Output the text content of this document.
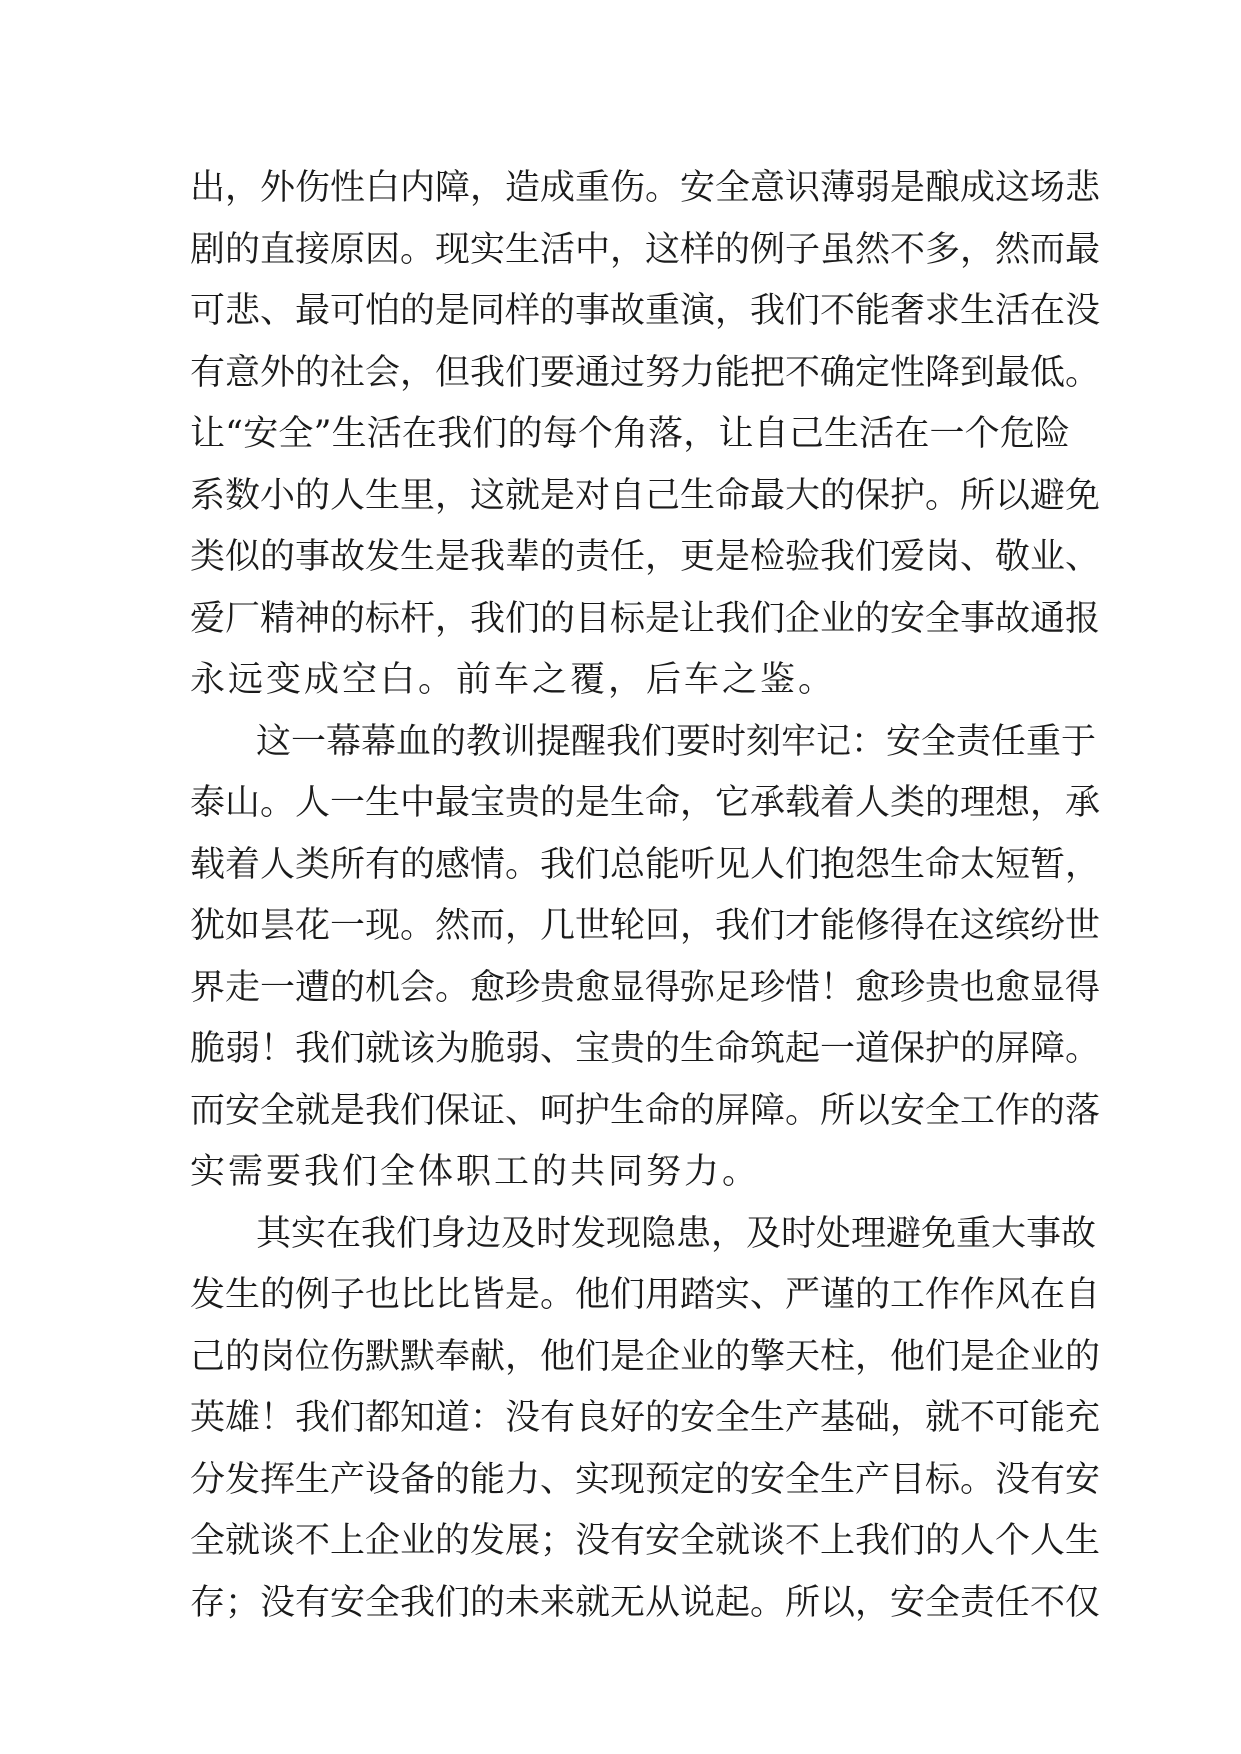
出，外伤性白内障，造成重伤。安全意识薄弱是酿成这场悲
剧的直接原因。现实生活中，这样的例子虽然不多，然而最
可悲、最可怕的是同样的事故重演，我们不能奢求生活在没
有意外的社会，但我们要通过努力能把不确定性降到最低。
让“安全”生活在我们的每个角落，让自己生活在一个危险
系数小的人生里，这就是对自己生命最大的保护。所以避免
类似的事故发生是我辈的责任，更是检验我们爱岗、敬业、
爱厂精神的标杆，我们的目标是让我们企业的安全事故通报
永远变成空白。前车之覆，后车之鉴。
这一幕幕血的教训提醒我们要时刻牢记：安全责任重于
泰山。人一生中最宝贵的是生命，它承载着人类的理想，承
载着人类所有的感情。我们总能听见人们抱怨生命太短暂，
犹如昙花一现。然而，几世轮回，我们才能修得在这缤纷世
界走一遭的机会。愈珍贵愈显得弥足珍惜！愈珍贵也愈显得
脆弱！我们就该为脆弱、宝贵的生命筑起一道保护的屏障。
而安全就是我们保证、呵护生命的屏障。所以安全工作的落
实需要我们全体职工的共同努力。
其实在我们身边及时发现隐患，及时处理避免重大事故
发生的例子也比比皆是。他们用踏实、严谨的工作作风在自
己的岗位伤默默奉献，他们是企业的擎天柱，他们是企业的
英雄！我们都知道：没有良好的安全生产基础，就不可能充
分发挥生产设备的能力、实现预定的安全生产目标。没有安
全就谈不上企业的发展；没有安全就谈不上我们的人个人生
存；没有安全我们的未来就无从说起。所以，安全责任不仅
